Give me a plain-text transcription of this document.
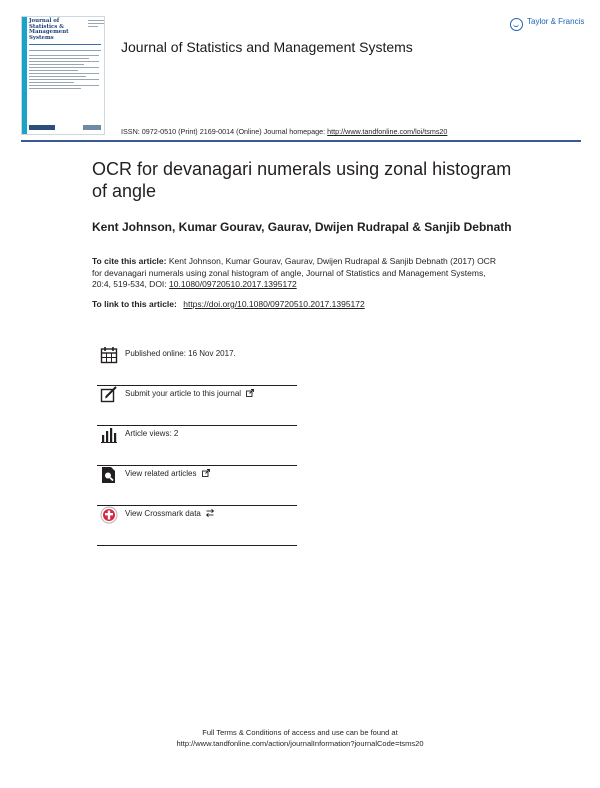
Journal of Statistics & Management Systems
Journal of Statistics and Management Systems
Taylor & Francis
ISSN: 0972-0510 (Print) 2169-0014 (Online) Journal homepage: http://www.tandfonline.com/loi/tsms20
OCR for devanagari numerals using zonal histogram of angle

Kent Johnson, Kumar Gourav, Gaurav, Dwijen Rudrapal & Sanjib Debnath

To cite this article: Kent Johnson, Kumar Gourav, Gaurav, Dwijen Rudrapal & Sanjib Debnath (2017) OCR for devanagari numerals using zonal histogram of angle, Journal of Statistics and Management Systems, 20:4, 519-534, DOI: 10.1080/09720510.2017.1395172

To link to this article: https://doi.org/10.1080/09720510.2017.1395172

Published online: 16 Nov 2017.
Submit your article to this journal
Article views: 2
View related articles
View Crossmark data
Full Terms & Conditions of access and use can be found at
http://www.tandfonline.com/action/journalInformation?journalCode=tsms20
